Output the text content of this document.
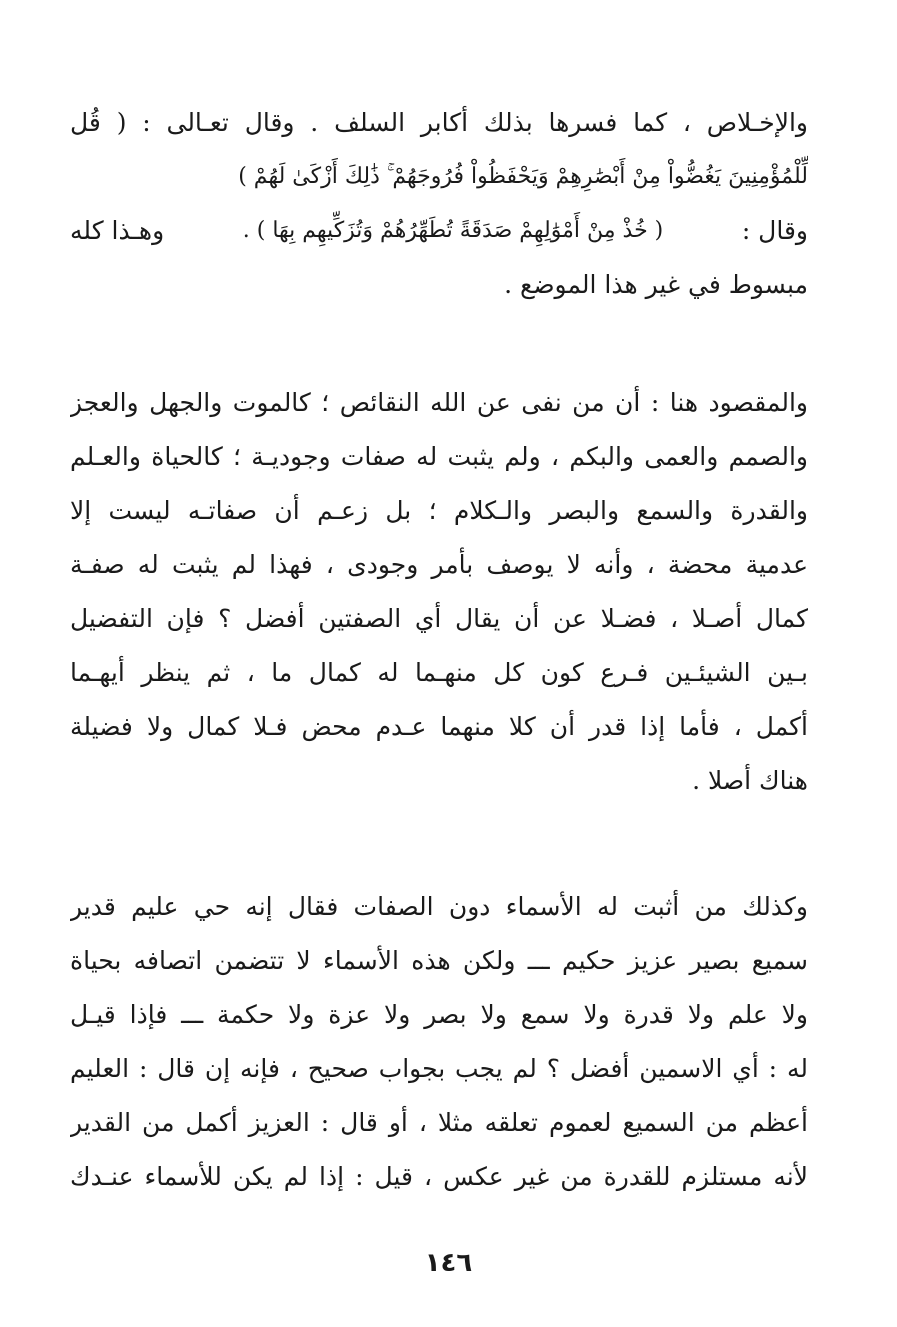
والإخـلاص ، كما فسرها بذلك أكابر السلف . وقال تعـالى : ( قُل
لِّلْمُؤْمِنِينَ يَغُضُّواْ مِنْ أَبْصَٰرِهِمْ وَيَحْفَظُواْ فُرُوجَهُمْ ۚ ذَٰلِكَ أَزْكَىٰ لَهُمْ )
وقال :
( خُذْ مِنْ أَمْوَٰلِهِمْ صَدَقَةً تُطَهِّرُهُمْ وَتُزَكِّيهِم بِهَا ) .
وهـذا كله
مبسوط في غير هذا الموضع .
والمقصود هنا : أن من نفى عن الله النقائص ؛ كالموت والجهل والعجز
والصمم والعمى والبكم ، ولم يثبت له صفات وجوديـة ؛ كالحياة والعـلم
والقدرة والسمع والبصر والـكلام ؛ بل زعـم أن صفاتـه ليست إلا
عدمية محضة ، وأنه لا يوصف بأمر وجودى ، فهذا لم يثبت له صفـة
كمال أصـلا ، فضـلا عن أن يقال أي الصفتين أفضل ؟ فإن التفضيل
بـين الشيئـين فـرع كون كل منهـما له كمال ما ، ثم ينظر أيهـما
أكمل ، فأما إذا قدر أن كلا منهما عـدم محض فـلا كمال ولا فضيلة
هناك أصلا .
وكذلك من أثبت له الأسماء دون الصفات فقال إنه حي عليم قدير
سميع بصير عزيز حكيم ـــ ولكن هذه الأسماء لا تتضمن اتصافه بحياة
ولا علم ولا قدرة ولا سمع ولا بصر ولا عزة ولا حكمة ـــ فإذا قيـل
له : أي الاسمين أفضل ؟ لم يجب بجواب صحيح ، فإنه إن قال : العليم
أعظم من السميع لعموم تعلقه مثلا ، أو قال : العزيز أكمل من القدير
لأنه مستلزم للقدرة من غير عكس ، قيل : إذا لم يكن للأسماء عنـدك
١٤٦
